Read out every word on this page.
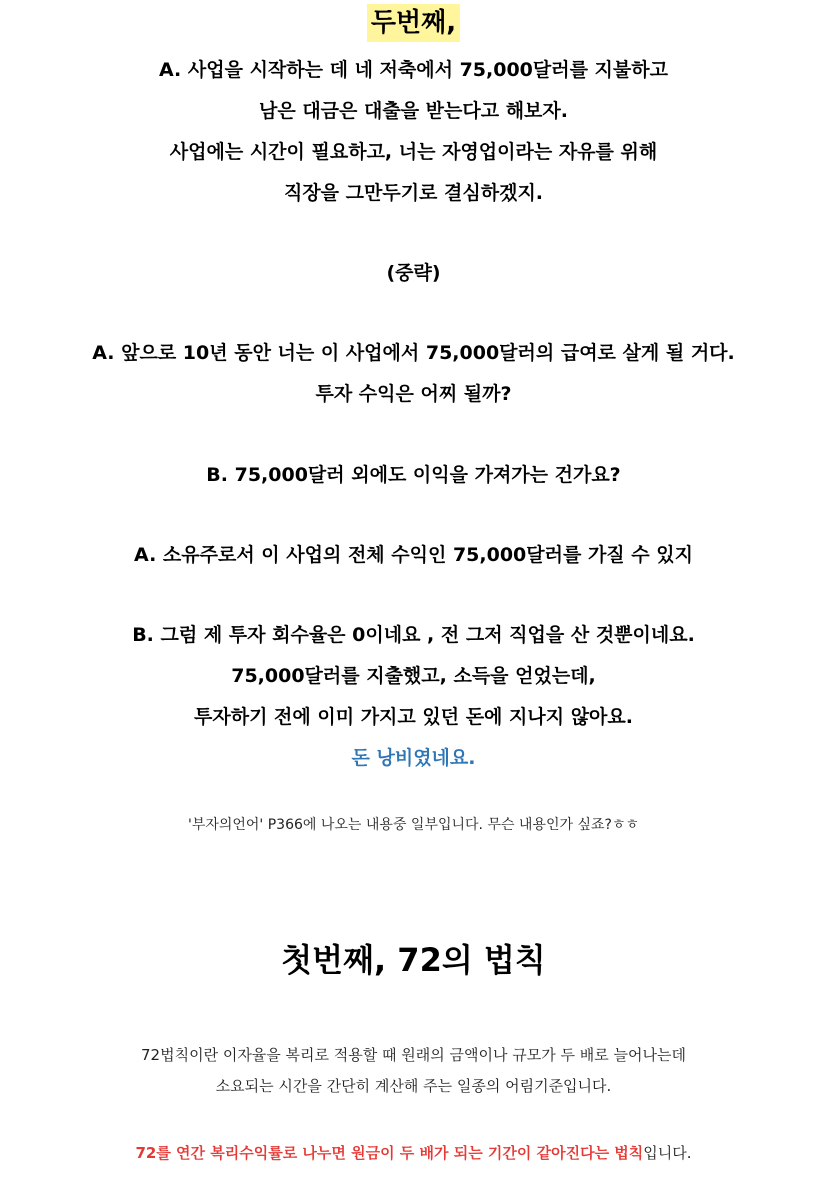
두번째,
A. 사업을 시작하는 데 네 저축에서 75,000달러를 지불하고
남은 대금은 대출을 받는다고 해보자.
사업에는 시간이 필요하고, 너는 자영업이라는 자유를 위해
직장을 그만두기로 결심하겠지.
(중략)
A. 앞으로 10년 동안 너는 이 사업에서 75,000달러의 급여로 살게 될 거다.
투자 수익은 어찌 될까?
B. 75,000달러 외에도 이익을 가져가는 건가요?
A. 소유주로서 이 사업의 전체 수익인 75,000달러를 가질 수 있지
B. 그럼 제 투자 회수율은 0이네요 , 전 그저 직업을 산 것뿐이네요.
75,000달러를 지출했고, 소득을 얻었는데,
투자하기 전에 이미 가지고 있던 돈에 지나지 않아요.
돈 낭비였네요.
'부자의언어' P366에 나오는 내용중 일부입니다. 무슨 내용인가 싶죠?ㅎㅎ
첫번째, 72의 법칙
72법칙이란 이자율을 복리로 적용할 때 원래의 금액이나 규모가 두 배로 늘어나는데
소요되는 시간을 간단히 계산해 주는 일종의 어림기준입니다.
72를 연간 복리수익률로 나누면 원금이 두 배가 되는 기간이 같아진다는 법칙입니다.
